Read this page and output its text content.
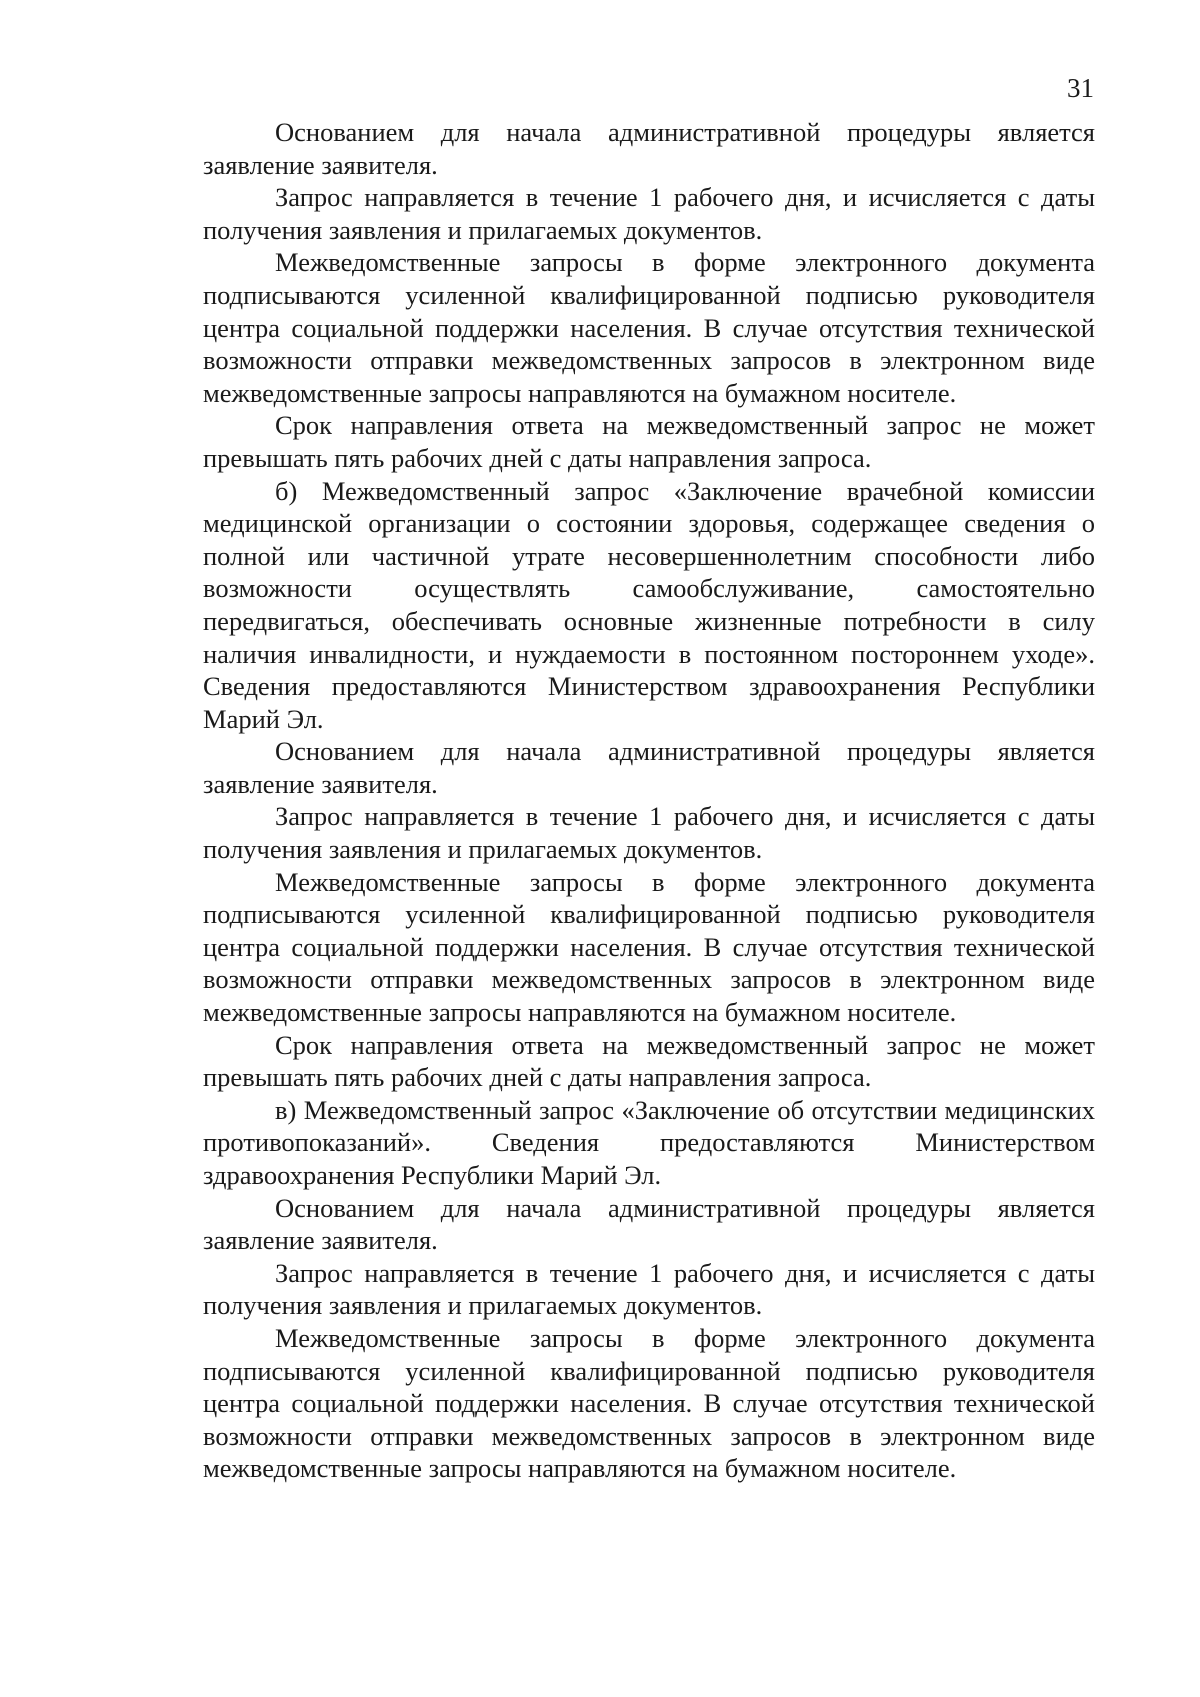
31

Основанием для начала административной процедуры является заявление заявителя.

Запрос направляется в течение 1 рабочего дня, и исчисляется с даты получения заявления и прилагаемых документов.

Межведомственные запросы в форме электронного документа подписываются усиленной квалифицированной подписью руководителя центра социальной поддержки населения. В случае отсутствия технической возможности отправки межведомственных запросов в электронном виде межведомственные запросы направляются на бумажном носителе.

Срок направления ответа на межведомственный запрос не может превышать пять рабочих дней с даты направления запроса.

б) Межведомственный запрос «Заключение врачебной комиссии медицинской организации о состоянии здоровья, содержащее сведения о полной или частичной утрате несовершеннолетним способности либо возможности осуществлять самообслуживание, самостоятельно передвигаться, обеспечивать основные жизненные потребности в силу наличия инвалидности, и нуждаемости в постоянном постороннем уходе». Сведения предоставляются Министерством здравоохранения Республики Марий Эл.

Основанием для начала административной процедуры является заявление заявителя.

Запрос направляется в течение 1 рабочего дня, и исчисляется с даты получения заявления и прилагаемых документов.

Межведомственные запросы в форме электронного документа подписываются усиленной квалифицированной подписью руководителя центра социальной поддержки населения. В случае отсутствия технической возможности отправки межведомственных запросов в электронном виде межведомственные запросы направляются на бумажном носителе.

Срок направления ответа на межведомственный запрос не может превышать пять рабочих дней с даты направления запроса.

в) Межведомственный запрос «Заключение об отсутствии медицинских противопоказаний». Сведения предоставляются Министерством здравоохранения Республики Марий Эл.

Основанием для начала административной процедуры является заявление заявителя.

Запрос направляется в течение 1 рабочего дня, и исчисляется с даты получения заявления и прилагаемых документов.

Межведомственные запросы в форме электронного документа подписываются усиленной квалифицированной подписью руководителя центра социальной поддержки населения. В случае отсутствия технической возможности отправки межведомственных запросов в электронном виде межведомственные запросы направляются на бумажном носителе.
